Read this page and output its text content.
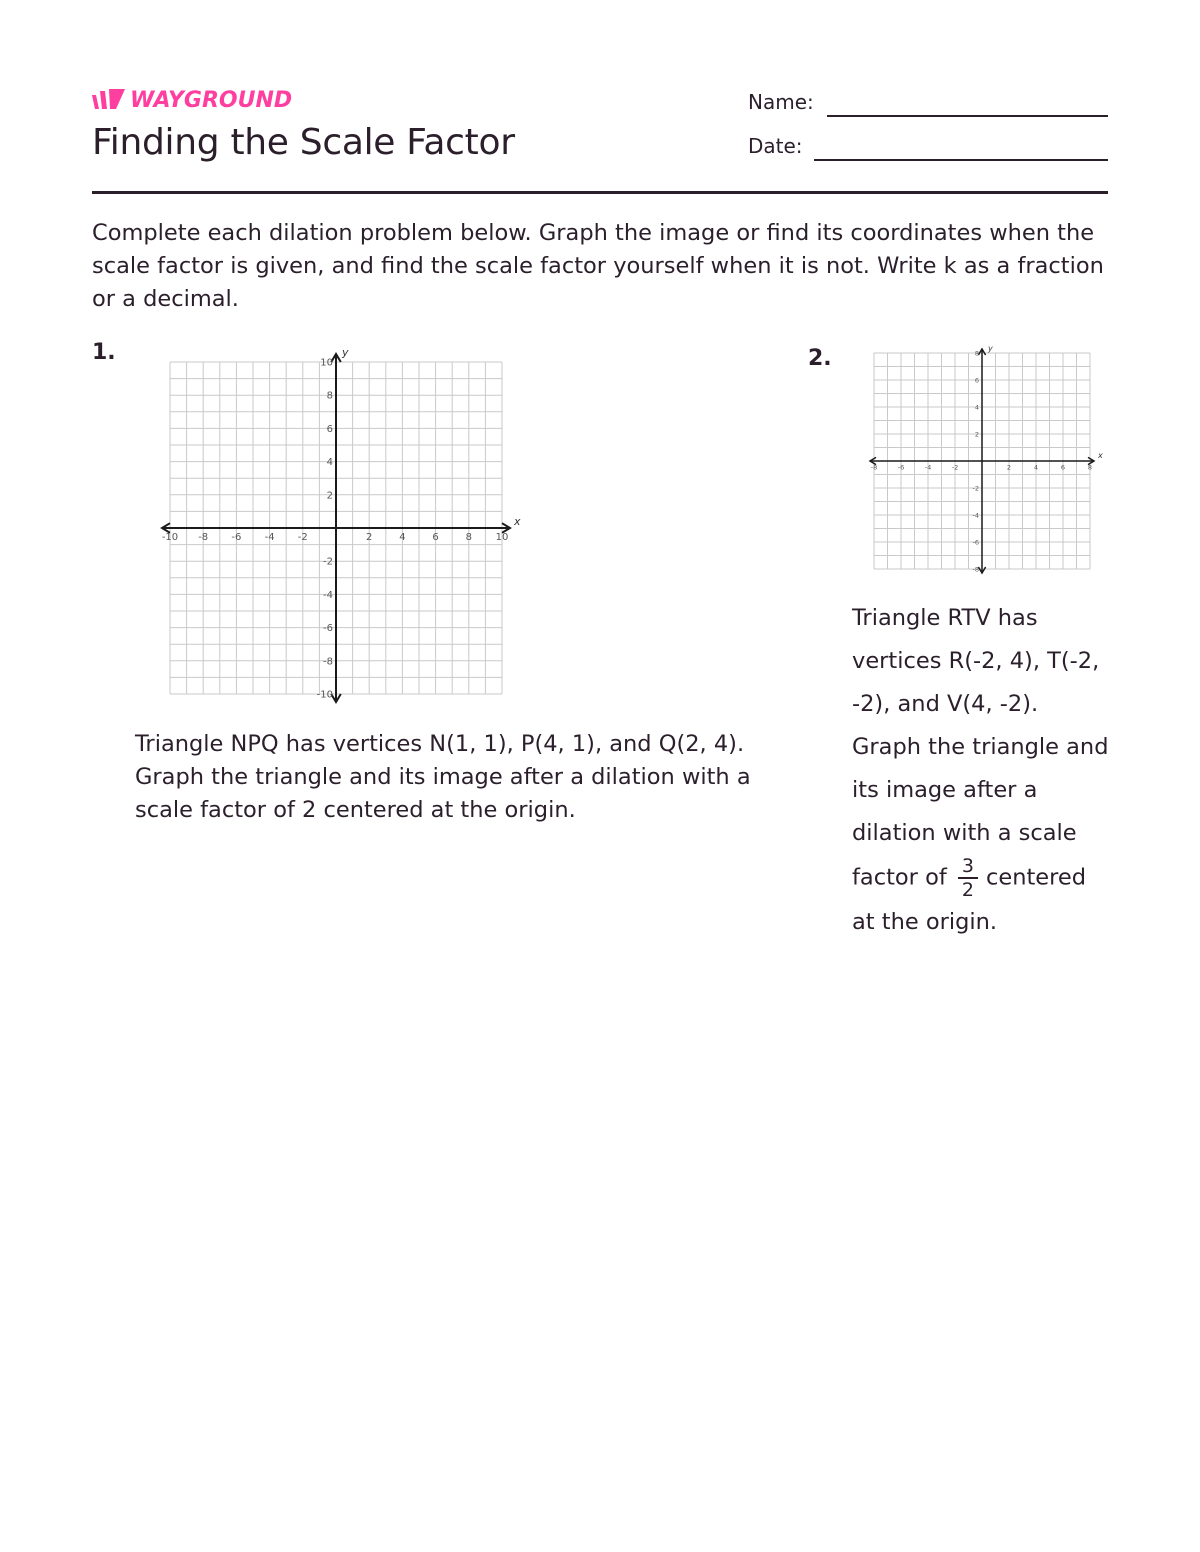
WAYGROUND
Finding the Scale Factor
Name:
Date:
Complete each dilation problem below. Graph the image or find its coordinates when the scale factor is given, and find the scale factor yourself when it is not. Write k as a fraction or a decimal.
1.
x
y
-10 -8 -6 -4 -2	2	4	6	8 10
10
8
6
4
2
-2
-4
-6
-8
-10
Triangle NPQ has vertices N(1, 1), P(4, 1), and Q(2, 4). Graph the triangle and its image after a dilation with a scale factor of 2 centered at the origin.
2.
x
y
-8	-6	-4	-2	2	4	6	8
8
6
4
2
-2
-4
-6
-8
Triangle RTV has vertices R(-2, 4), T(-2, -2), and V(4, -2). Graph the triangle and its image after a dilation with a scale factor of $\frac{3}{2}$ centered at the origin.
